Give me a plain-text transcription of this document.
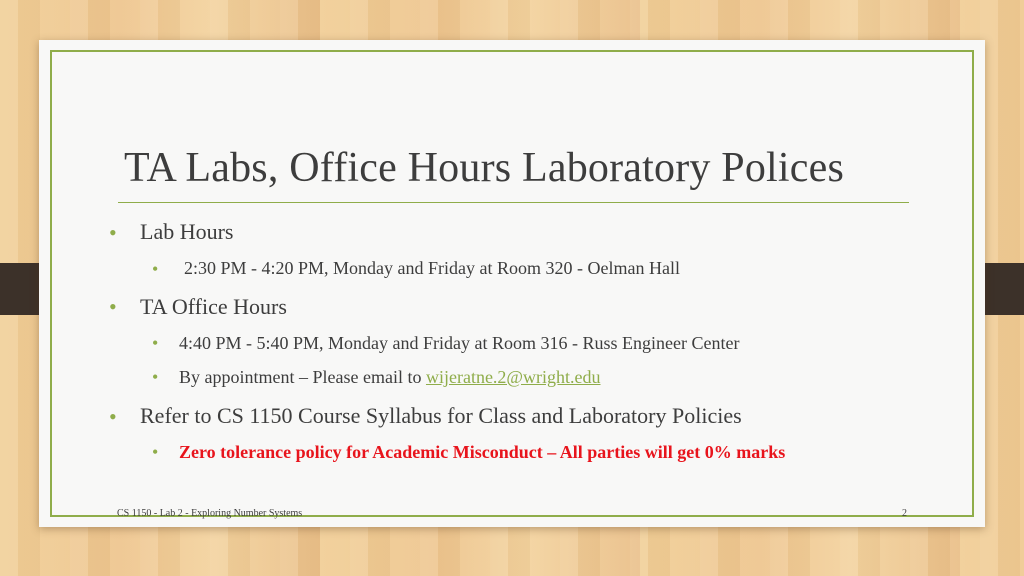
TA Labs, Office Hours Laboratory Polices
• Lab Hours
• 2:30 PM - 4:20 PM, Monday and Friday at Room 320 - Oelman Hall
• TA Office Hours
• 4:40 PM - 5:40 PM, Monday and Friday at Room 316 - Russ Engineer Center
• By appointment – Please email to wijeratne.2@wright.edu
• Refer to CS 1150 Course Syllabus for Class and Laboratory Policies
• Zero tolerance policy for Academic Misconduct – All parties will get 0% marks
CS 1150 - Lab 2 - Exploring Number Systems	2
